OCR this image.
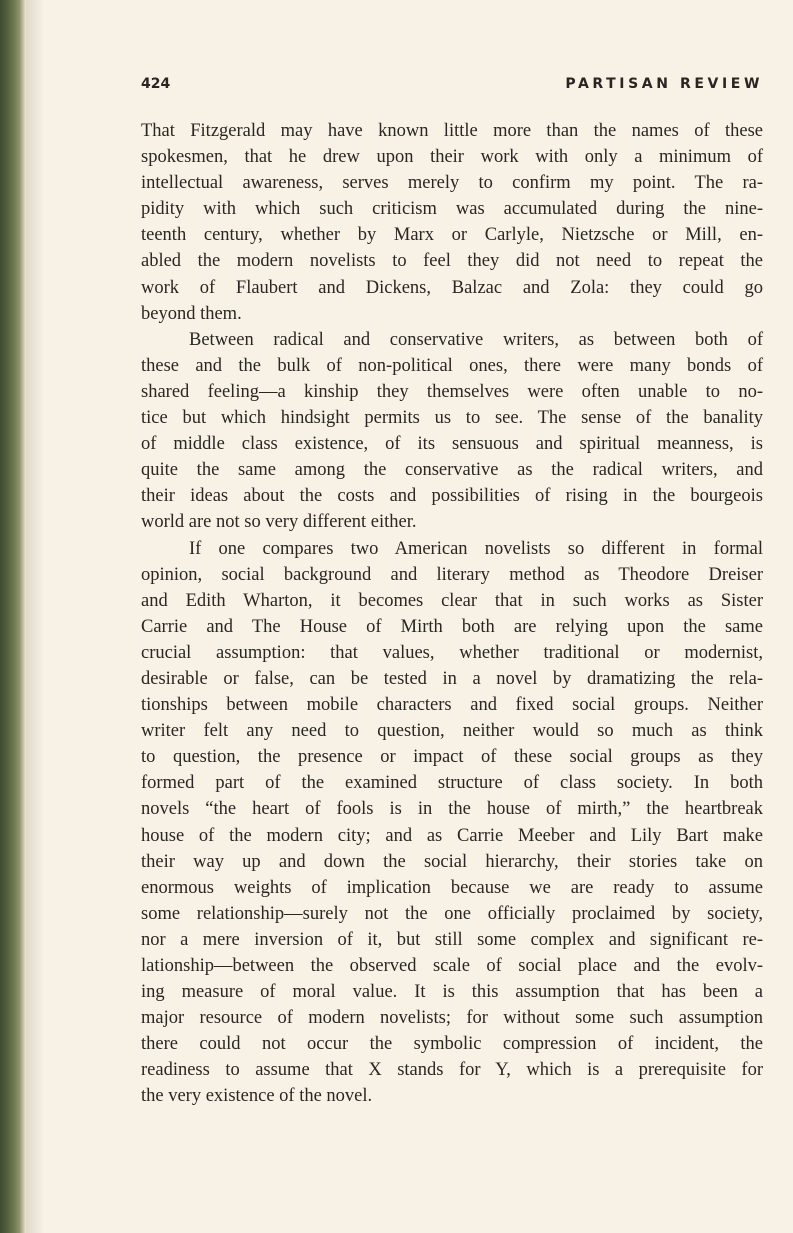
424	PARTISAN REVIEW
That Fitzgerald may have known little more than the names of these
spokesmen, that he drew upon their work with only a minimum of
intellectual awareness, serves merely to confirm my point. The ra-
pidity with which such criticism was accumulated during the nine-
teenth century, whether by Marx or Carlyle, Nietzsche or Mill, en-
abled the modern novelists to feel they did not need to repeat the
work of Flaubert and Dickens, Balzac and Zola: they could go
beyond them.
Between radical and conservative writers, as between both of
these and the bulk of non-political ones, there were many bonds of
shared feeling—a kinship they themselves were often unable to no-
tice but which hindsight permits us to see. The sense of the banality
of middle class existence, of its sensuous and spiritual meanness, is
quite the same among the conservative as the radical writers, and
their ideas about the costs and possibilities of rising in the bourgeois
world are not so very different either.
If one compares two American novelists so different in formal
opinion, social background and literary method as Theodore Dreiser
and Edith Wharton, it becomes clear that in such works as Sister
Carrie and The House of Mirth both are relying upon the same
crucial assumption: that values, whether traditional or modernist,
desirable or false, can be tested in a novel by dramatizing the rela-
tionships between mobile characters and fixed social groups. Neither
writer felt any need to question, neither would so much as think
to question, the presence or impact of these social groups as they
formed part of the examined structure of class society. In both
novels “the heart of fools is in the house of mirth,” the heartbreak
house of the modern city; and as Carrie Meeber and Lily Bart make
their way up and down the social hierarchy, their stories take on
enormous weights of implication because we are ready to assume
some relationship—surely not the one officially proclaimed by society,
nor a mere inversion of it, but still some complex and significant re-
lationship—between the observed scale of social place and the evolv-
ing measure of moral value. It is this assumption that has been a
major resource of modern novelists; for without some such assumption
there could not occur the symbolic compression of incident, the
readiness to assume that X stands for Y, which is a prerequisite for
the very existence of the novel.
